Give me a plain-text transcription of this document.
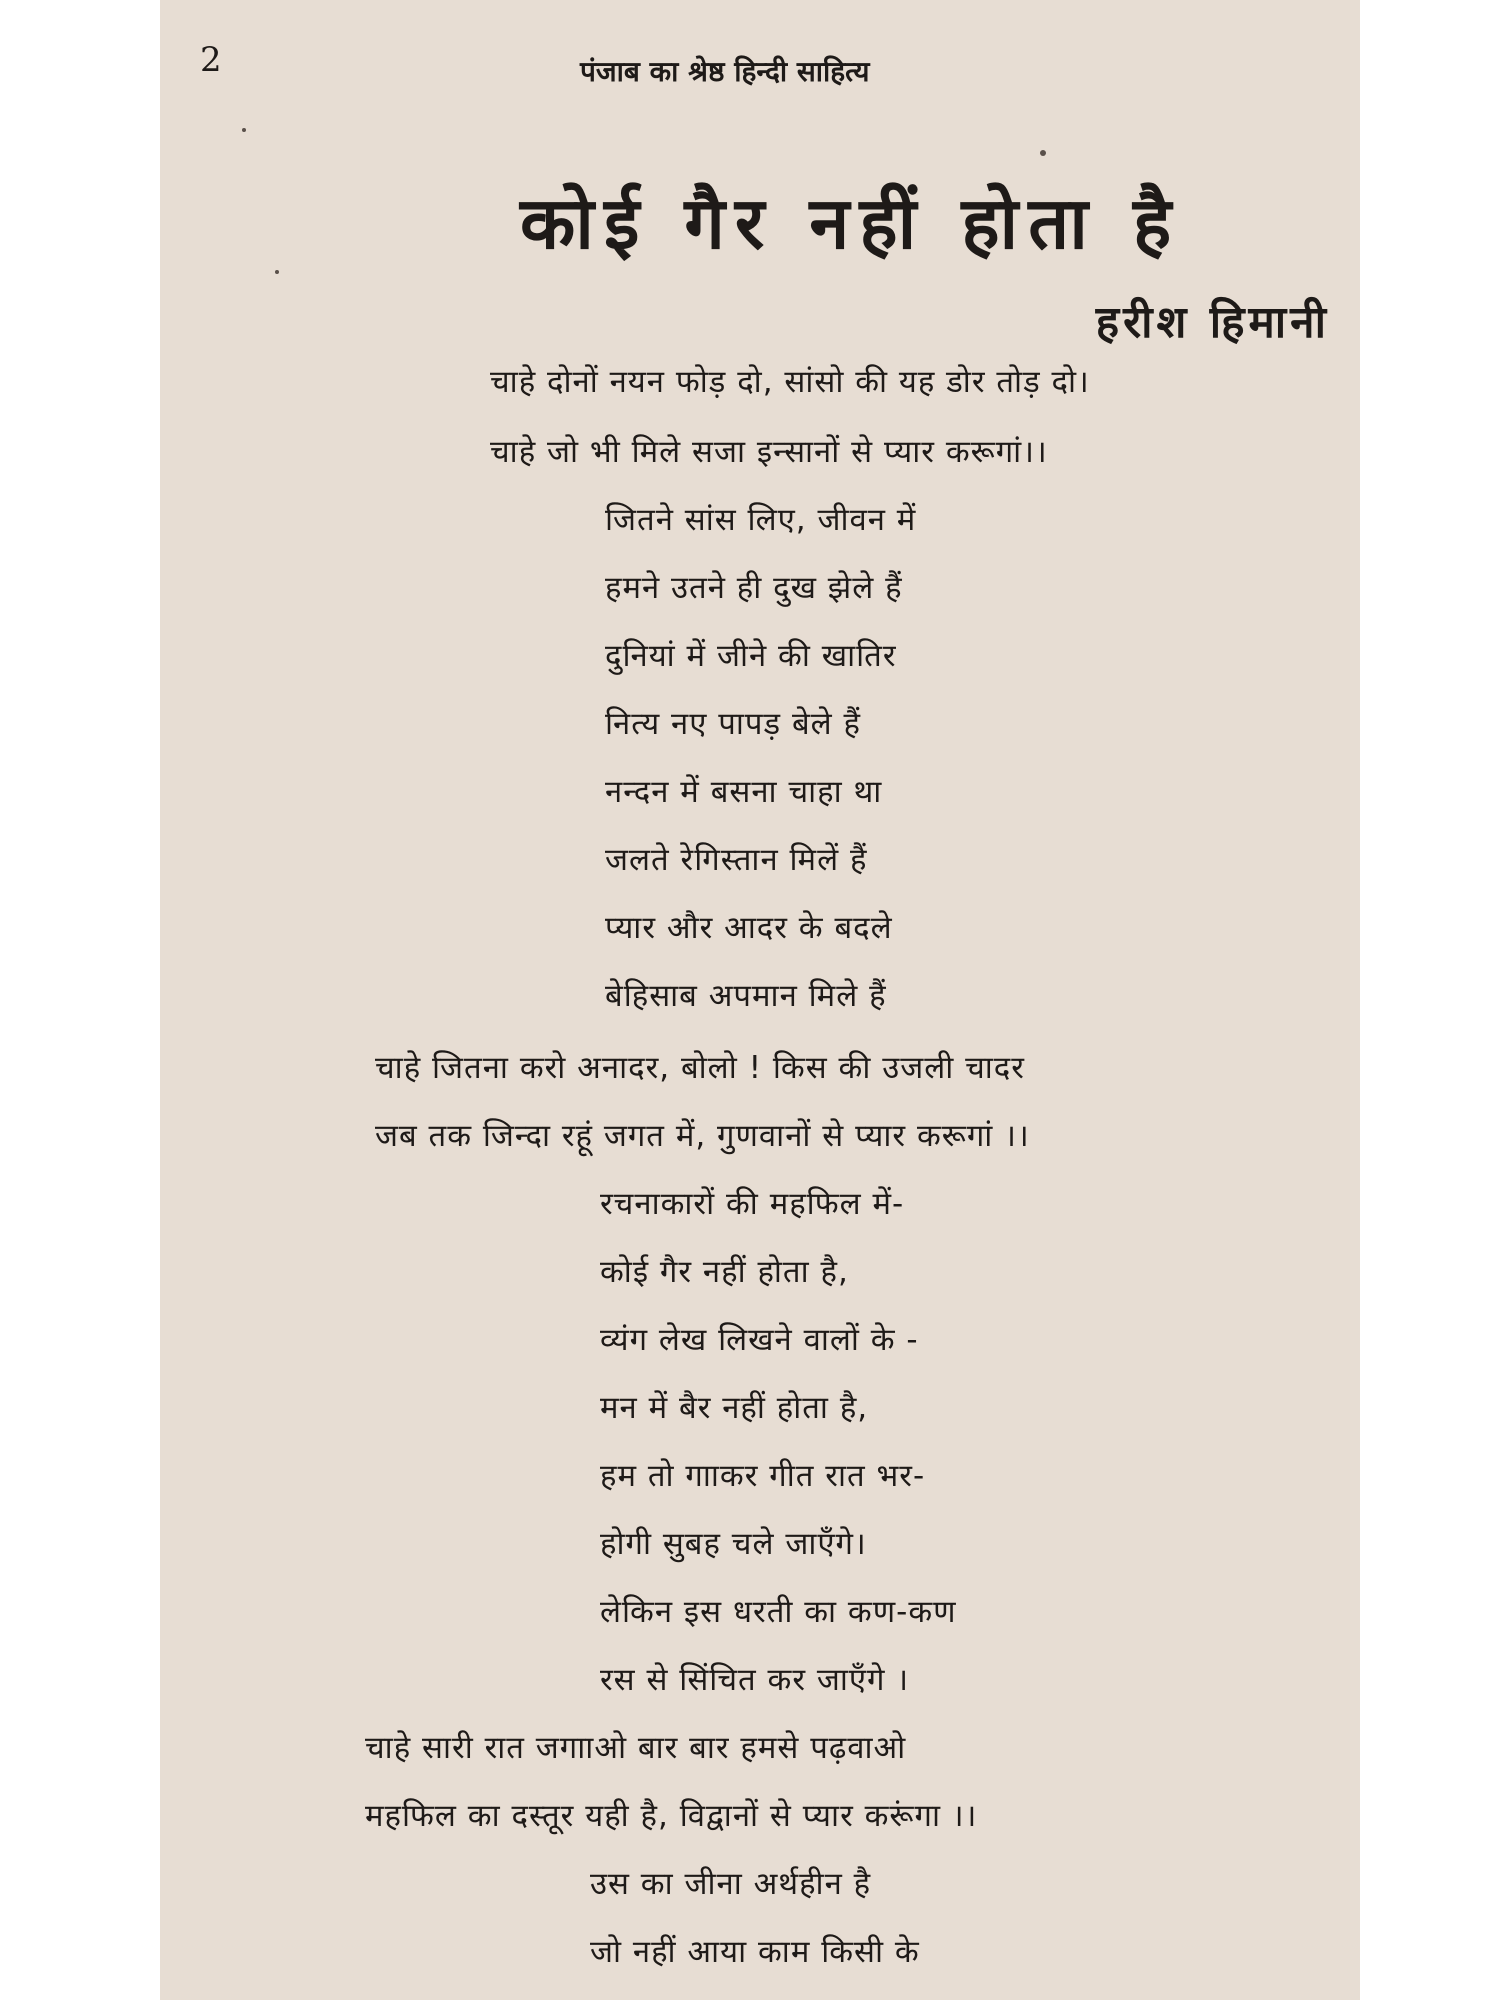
2	पंजाब का श्रेष्ठ हिन्दी साहित्य
कोई गैर नहीं होता है
हरीश हिमानी
चाहे दोनों नयन फोड़ दो, सांसो की यह डोर तोड़ दो।
चाहे जो भी मिले सजा इन्सानों से प्यार करूगां।।
जितने सांस लिए, जीवन में
हमने उतने ही दुख झेले हैं
दुनियां में जीने की खातिर
नित्य नए पापड़ बेले हैं
नन्दन में बसना चाहा था
जलते रेगिस्तान मिलें हैं
प्यार और आदर के बदले
बेहिसाब अपमान मिले हैं
चाहे जितना करो अनादर, बोलो ! किस की उजली चादर
जब तक जिन्दा रहूं जगत में, गुणवानों से प्यार करूगां ।।
रचनाकारों की महफिल में-
कोई गैर नहीं होता है,
व्यंग लेख लिखने वालों के -
मन में बैर नहीं होता है,
हम तो गााकर गीत रात भर-
होगी सुबह चले जाएँगे।
लेकिन इस धरती का कण-कण
रस से सिंचित कर जाएँगे ।
चाहे सारी रात जगााओ बार बार हमसे पढ़वाओ
महफिल का दस्तूर यही है, विद्वानों से प्यार करूंगा ।।
उस का जीना अर्थहीन है
जो नहीं आया काम किसी के
